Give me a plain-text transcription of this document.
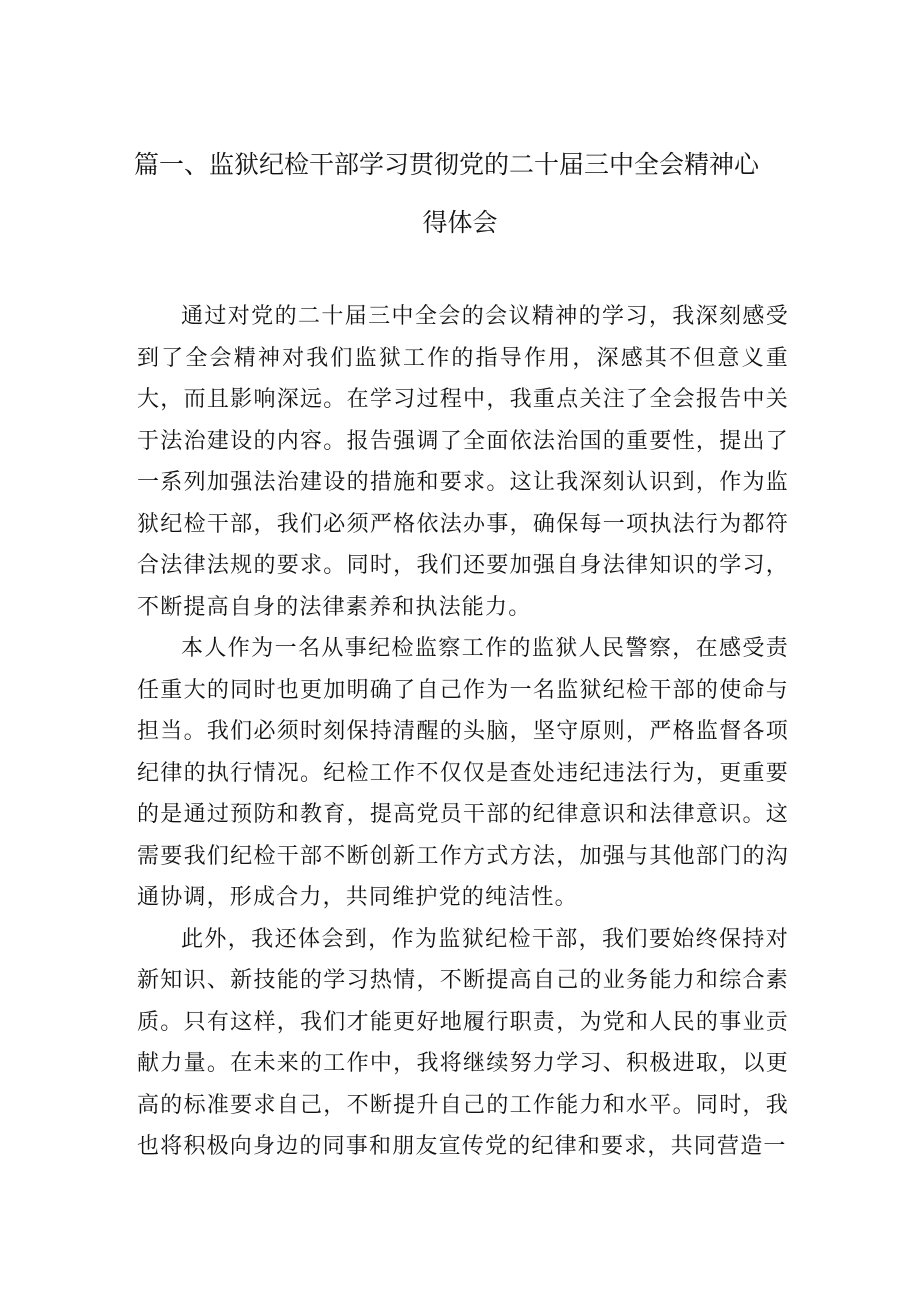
篇一、监狱纪检干部学习贯彻党的二十届三中全会精神心
得体会

通过对党的二十届三中全会的会议精神的学习，我深刻感受到了全会精神对我们监狱工作的指导作用，深感其不但意义重大，而且影响深远。在学习过程中，我重点关注了全会报告中关于法治建设的内容。报告强调了全面依法治国的重要性，提出了一系列加强法治建设的措施和要求。这让我深刻认识到，作为监狱纪检干部，我们必须严格依法办事，确保每一项执法行为都符合法律法规的要求。同时，我们还要加强自身法律知识的学习，不断提高自身的法律素养和执法能力。

本人作为一名从事纪检监察工作的监狱人民警察，在感受责任重大的同时也更加明确了自己作为一名监狱纪检干部的使命与担当。我们必须时刻保持清醒的头脑，坚守原则，严格监督各项纪律的执行情况。纪检工作不仅仅是查处违纪违法行为，更重要的是通过预防和教育，提高党员干部的纪律意识和法律意识。这需要我们纪检干部不断创新工作方式方法，加强与其他部门的沟通协调，形成合力，共同维护党的纯洁性。

此外，我还体会到，作为监狱纪检干部，我们要始终保持对新知识、新技能的学习热情，不断提高自己的业务能力和综合素质。只有这样，我们才能更好地履行职责，为党和人民的事业贡献力量。在未来的工作中，我将继续努力学习、积极进取，以更高的标准要求自己，不断提升自己的工作能力和水平。同时，我也将积极向身边的同事和朋友宣传党的纪律和要求，共同营造一
